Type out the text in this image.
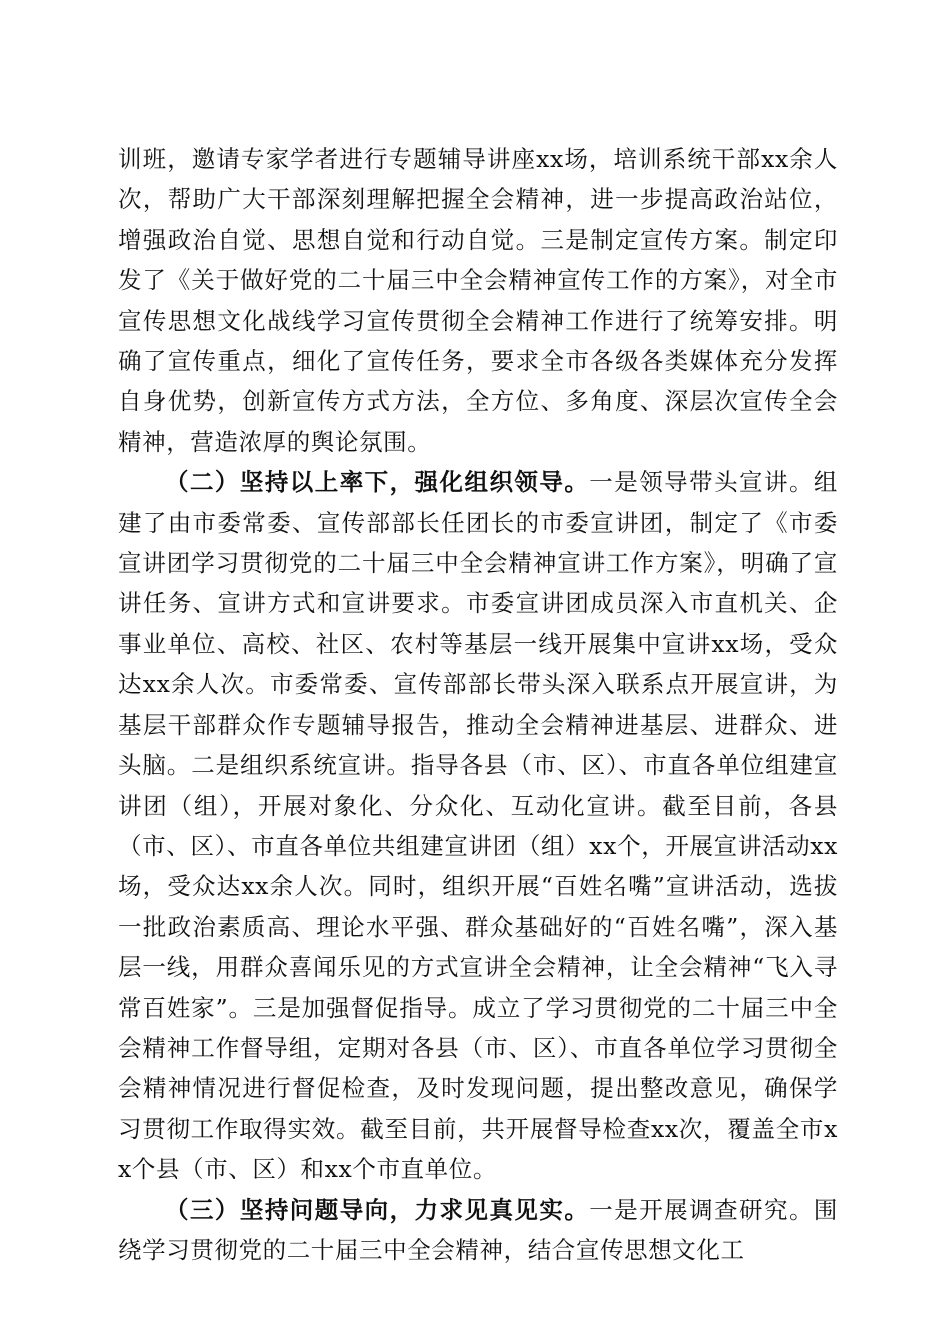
训班，邀请专家学者进行专题辅导讲座xx场，培训系统干部xx余人次，帮助广大干部深刻理解把握全会精神，进一步提高政治站位，增强政治自觉、思想自觉和行动自觉。三是制定宣传方案。制定印发了《关于做好党的二十届三中全会精神宣传工作的方案》，对全市宣传思想文化战线学习宣传贯彻全会精神工作进行了统筹安排。明确了宣传重点，细化了宣传任务，要求全市各级各类媒体充分发挥自身优势，创新宣传方式方法，全方位、多角度、深层次宣传全会精神，营造浓厚的舆论氛围。

（二）坚持以上率下，强化组织领导。一是领导带头宣讲。组建了由市委常委、宣传部部长任团长的市委宣讲团，制定了《市委宣讲团学习贯彻党的二十届三中全会精神宣讲工作方案》，明确了宣讲任务、宣讲方式和宣讲要求。市委宣讲团成员深入市直机关、企事业单位、高校、社区、农村等基层一线开展集中宣讲xx场，受众达xx余人次。市委常委、宣传部部长带头深入联系点开展宣讲，为基层干部群众作专题辅导报告，推动全会精神进基层、进群众、进头脑。二是组织系统宣讲。指导各县（市、区）、市直各单位组建宣讲团（组），开展对象化、分众化、互动化宣讲。截至目前，各县（市、区）、市直各单位共组建宣讲团（组）xx个，开展宣讲活动xx场，受众达xx余人次。同时，组织开展“百姓名嘴”宣讲活动，选拔一批政治素质高、理论水平强、群众基础好的“百姓名嘴”，深入基层一线，用群众喜闻乐见的方式宣讲全会精神，让全会精神“飞入寻常百姓家”。三是加强督促指导。成立了学习贯彻党的二十届三中全会精神工作督导组，定期对各县（市、区）、市直各单位学习贯彻全会精神情况进行督促检查，及时发现问题，提出整改意见，确保学习贯彻工作取得实效。截至目前，共开展督导检查xx次，覆盖全市xx个县（市、区）和xx个市直单位。

（三）坚持问题导向，力求见真见实。一是开展调查研究。围绕学习贯彻党的二十届三中全会精神，结合宣传思想文化工
